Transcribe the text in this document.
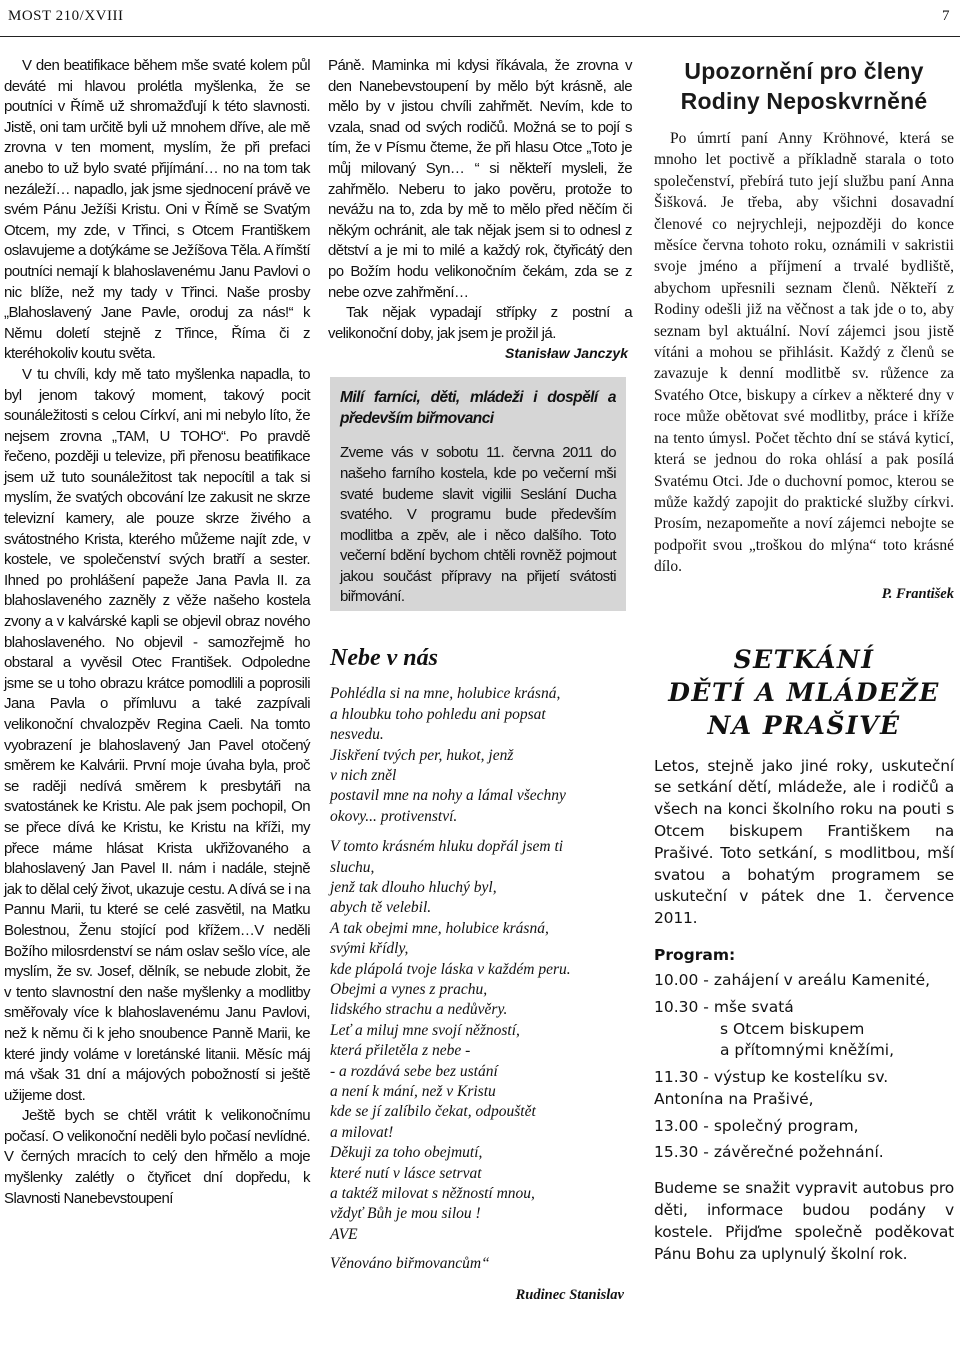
MOST 210/XVIII	7

V den beatifikace během mše svaté kolem půl deváté mi hlavou prolétla myšlenka, že se poutníci v Římě už shromažďují k této slavnosti. Jistě, oni tam určitě byli už mnohem dříve, ale mě zrovna v ten moment, myslím, že při prefaci anebo to už bylo svaté přijímání… no na tom tak nezáleží… napadlo, jak jsme sjednocení právě ve svém Pánu Ježíši Kristu. Oni v Římě se Svatým Otcem, my zde, v Třinci, s Otcem Františkem oslavujeme a dotýkáme se Ježíšova Těla. A římští poutníci nemají k blahoslavenému Janu Pavlovi o nic blíže, než my tady v Třinci. Naše prosby „Blahoslavený Jane Pavle, oroduj za nás!“ k Němu doletí stejně z Třince, Říma či z kteréhokoliv koutu světa.

V tu chvíli, kdy mě tato myšlenka napadla, to byl jenom takový moment, takový pocit sounáležitosti s celou Církví, ani mi nebylo líto, že nejsem zrovna „TAM, U TOHO“. Po pravdě řečeno, později u televize, při přenosu beatifikace jsem už tuto sounáležitost tak nepocítil a tak si myslím, že svatých obcování lze zakusit ne skrze televizní kamery, ale pouze skrze živého a svátostného Krista, kterého můžeme najít zde, v kostele, ve společenství svých bratří a sester. Ihned po prohlášení papeže Jana Pavla II. za blahoslaveného zazněly z věže našeho kostela zvony a v kalvárské kapli se objevil obraz nového blahoslaveného. No objevil - samozřejmě ho obstaral a vyvěsil Otec František. Odpoledne jsme se u toho obrazu krátce pomodlili a poprosili Jana Pavla o přímluvu a také zazpívali velikonoční chvalozpěv Regina Caeli. Na tomto vyobrazení je blahoslavený Jan Pavel otočený směrem ke Kalvárii. První moje úvaha byla, proč se raději nedívá směrem k presbytáři na svatostánek ke Kristu. Ale pak jsem pochopil, On se přece dívá ke Kristu, ke Kristu na kříži, my přece máme hlásat Krista ukřižovaného a blahoslavený Jan Pavel II. nám i nadále, stejně jak to dělal celý život, ukazuje cestu. A dívá se i na Pannu Marii, tu které se celé zasvětil, na Matku Bolestnou, Ženu stojící pod křížem…V neděli Božího milosrdenství se nám oslav sešlo více, ale myslím, že sv. Josef, dělník, se nebude zlobit, že v tento slavnostní den naše myšlenky a modlitby směřovaly více k blahoslavenému Janu Pavlovi, než k němu či k jeho snoubence Panně Marii, ke které jindy voláme v loretánské litanii. Měsíc máj má však 31 dní a májových pobožností si ještě užijeme dost.

Ještě bych se chtěl vrátit k velikonočnímu počasí. O velikonoční neděli bylo počasí nevlídné. V černých mracích to celý den hřmělo a moje myšlenky zalétly o čtyřicet dní dopředu, k Slavnosti Nanebevstoupení

Páně. Maminka mi kdysi říkávala, že zrovna v den Nanebevstoupení by mělo být krásně, ale mělo by v jistou chvíli zahřmět. Nevím, kde to vzala, snad od svých rodičů. Možná se to pojí s tím, že v Písmu čteme, že při hlasu Otce „Toto je můj milovaný Syn… “ si někteří mysleli, že zahřmělo. Neberu to jako pověru, protože to nevážu na to, zda by mě to mělo před něčím či někým ochránit, ale tak nějak jsem si to odnesl z dětství a je mi to milé a každý rok, čtyřicátý den po Božím hodu velikonočním čekám, zda se z nebe ozve zahřmění…

Tak nějak vypadají střípky z postní a velikonoční doby, jak jsem je prožil já.

Stanisław Janczyk
Milí farníci, děti, mládeži i dospělí a především biřmovanci
Zveme vás v sobotu 11. června 2011 do našeho farního kostela, kde po večerní mši svaté budeme slavit vigilii Seslání Ducha svatého. V programu bude především modlitba a zpěv, ale i něco dalšího. Toto večerní bdění bychom chtěli rovněž pojmout jakou součást přípravy na přijetí svátosti biřmování.
Nebe v nás
Pohlédla si na mne, holubice krásná,
a hloubku toho pohledu ani popsat
nesvedu.
Jiskření tvých per, hukot, jenž
v nich zněl
postavil mne na nohy a lámal všechny
okovy... protivenství.
V tomto krásném hluku dopřál jsem ti
sluchu,
jenž tak dlouho hluchý byl,
abych tě velebil.
A tak obejmi mne, holubice krásná,
svými křídly,
kde plápolá tvoje láska v každém peru.
Obejmi a vynes z prachu,
lidského strachu a nedůvěry.
Leť a miluj mne svojí něžností,
která přiletěla z nebe -
- a rozdává sebe bez ustání
a není k mání, než v Kristu
kde se jí zalíbilo čekat, odpouštět
a milovat!
Děkuji za toho obejmutí,
které nutí v lásce setrvat
a taktéž milovat s něžností mnou,
vždyť Bůh je mou silou !
AVE
Věnováno biřmovancům“
Rudinec Stanislav
Upozornění pro členy
Rodiny Neposkvrněné

Po úmrtí paní Anny Kröhnové, která se mnoho let poctivě a příkladně starala o toto společenství, přebírá tuto její službu paní Anna Šišková. Je třeba, aby všichni dosavadní členové co nejrychleji, nejpozději do konce měsíce června tohoto roku, oznámili v sakristii svoje jméno a příjmení a trvalé bydliště, abychom upřesnili seznam členů. Někteří z Rodiny odešli již na věčnost a tak jde o to, aby seznam byl aktuální. Noví zájemci jsou jistě vítáni a mohou se přihlásit. Každý z členů se zavazuje k denní modlitbě sv. růžence za Svatého Otce, biskupy a církev a některé dny v roce může obětovat své modlitby, práce i kříže na tento úmysl. Počet těchto dní se stává kyticí, která se jednou do roka ohlásí a pak posílá Svatému Otci. Jde o duchovní pomoc, kterou se může každý zapojit do praktické služby církvi. Prosím, nezapomeňte a noví zájemci nebojte se podpořit svou „troškou do mlýna“ toto krásné dílo.

P. František
SETKÁNÍ
DĚTÍ A MLÁDEŽE
NA PRAŠIVÉ
Letos, stejně jako jiné roky, uskuteční se setkání dětí, mládeže, ale i rodičů a všech na konci školního roku na pouti s Otcem biskupem Františkem na Prašivé. Toto setkání, s modlitbou, mší svatou a bohatým programem se uskuteční v pátek dne 1. července 2011.
Program:
10.00 - zahájení v areálu Kamenité,
10.30 - mše svatá
s Otcem biskupem
a přítomnými kněžími,
11.30 - výstup ke kostelíku sv.
Antonína na Prašivé,
13.00 - společný program,
15.30 - závěrečné požehnání.
Budeme se snažit vypravit autobus pro děti, informace budou podány v kostele. Přijďme společně poděkovat Pánu Bohu za uplynulý školní rok.
